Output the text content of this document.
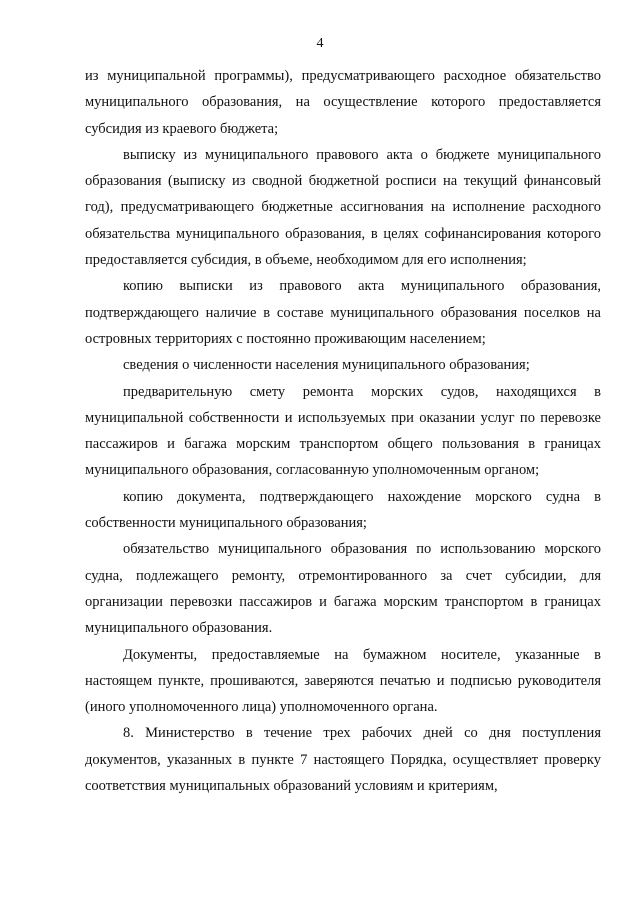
4

из муниципальной программы), предусматривающего расходное обязательство муниципального образования, на осуществление которого предоставляется субсидия из краевого бюджета;

выписку из муниципального правового акта о бюджете муниципального образования (выписку из сводной бюджетной росписи на текущий финансовый год), предусматривающего бюджетные ассигнования на исполнение расходного обязательства муниципального образования, в целях софинансирования которого предоставляется субсидия, в объеме, необходимом для его исполнения;

копию выписки из правового акта муниципального образования, подтверждающего наличие в составе муниципального образования поселков на островных территориях с постоянно проживающим населением;

сведения о численности населения муниципального образования;

предварительную смету ремонта морских судов, находящихся в муниципальной собственности и используемых при оказании услуг по перевозке пассажиров и багажа морским транспортом общего пользования в границах муниципального образования, согласованную уполномоченным органом;

копию документа, подтверждающего нахождение морского судна в собственности муниципального образования;

обязательство муниципального образования по использованию морского судна, подлежащего ремонту, отремонтированного за счет субсидии, для организации перевозки пассажиров и багажа морским транспортом в границах муниципального образования.

Документы, предоставляемые на бумажном носителе, указанные в настоящем пункте, прошиваются, заверяются печатью и подписью руководителя (иного уполномоченного лица) уполномоченного органа.

8. Министерство в течение трех рабочих дней со дня поступления документов, указанных в пункте 7 настоящего Порядка, осуществляет проверку соответствия муниципальных образований условиям и критериям,
